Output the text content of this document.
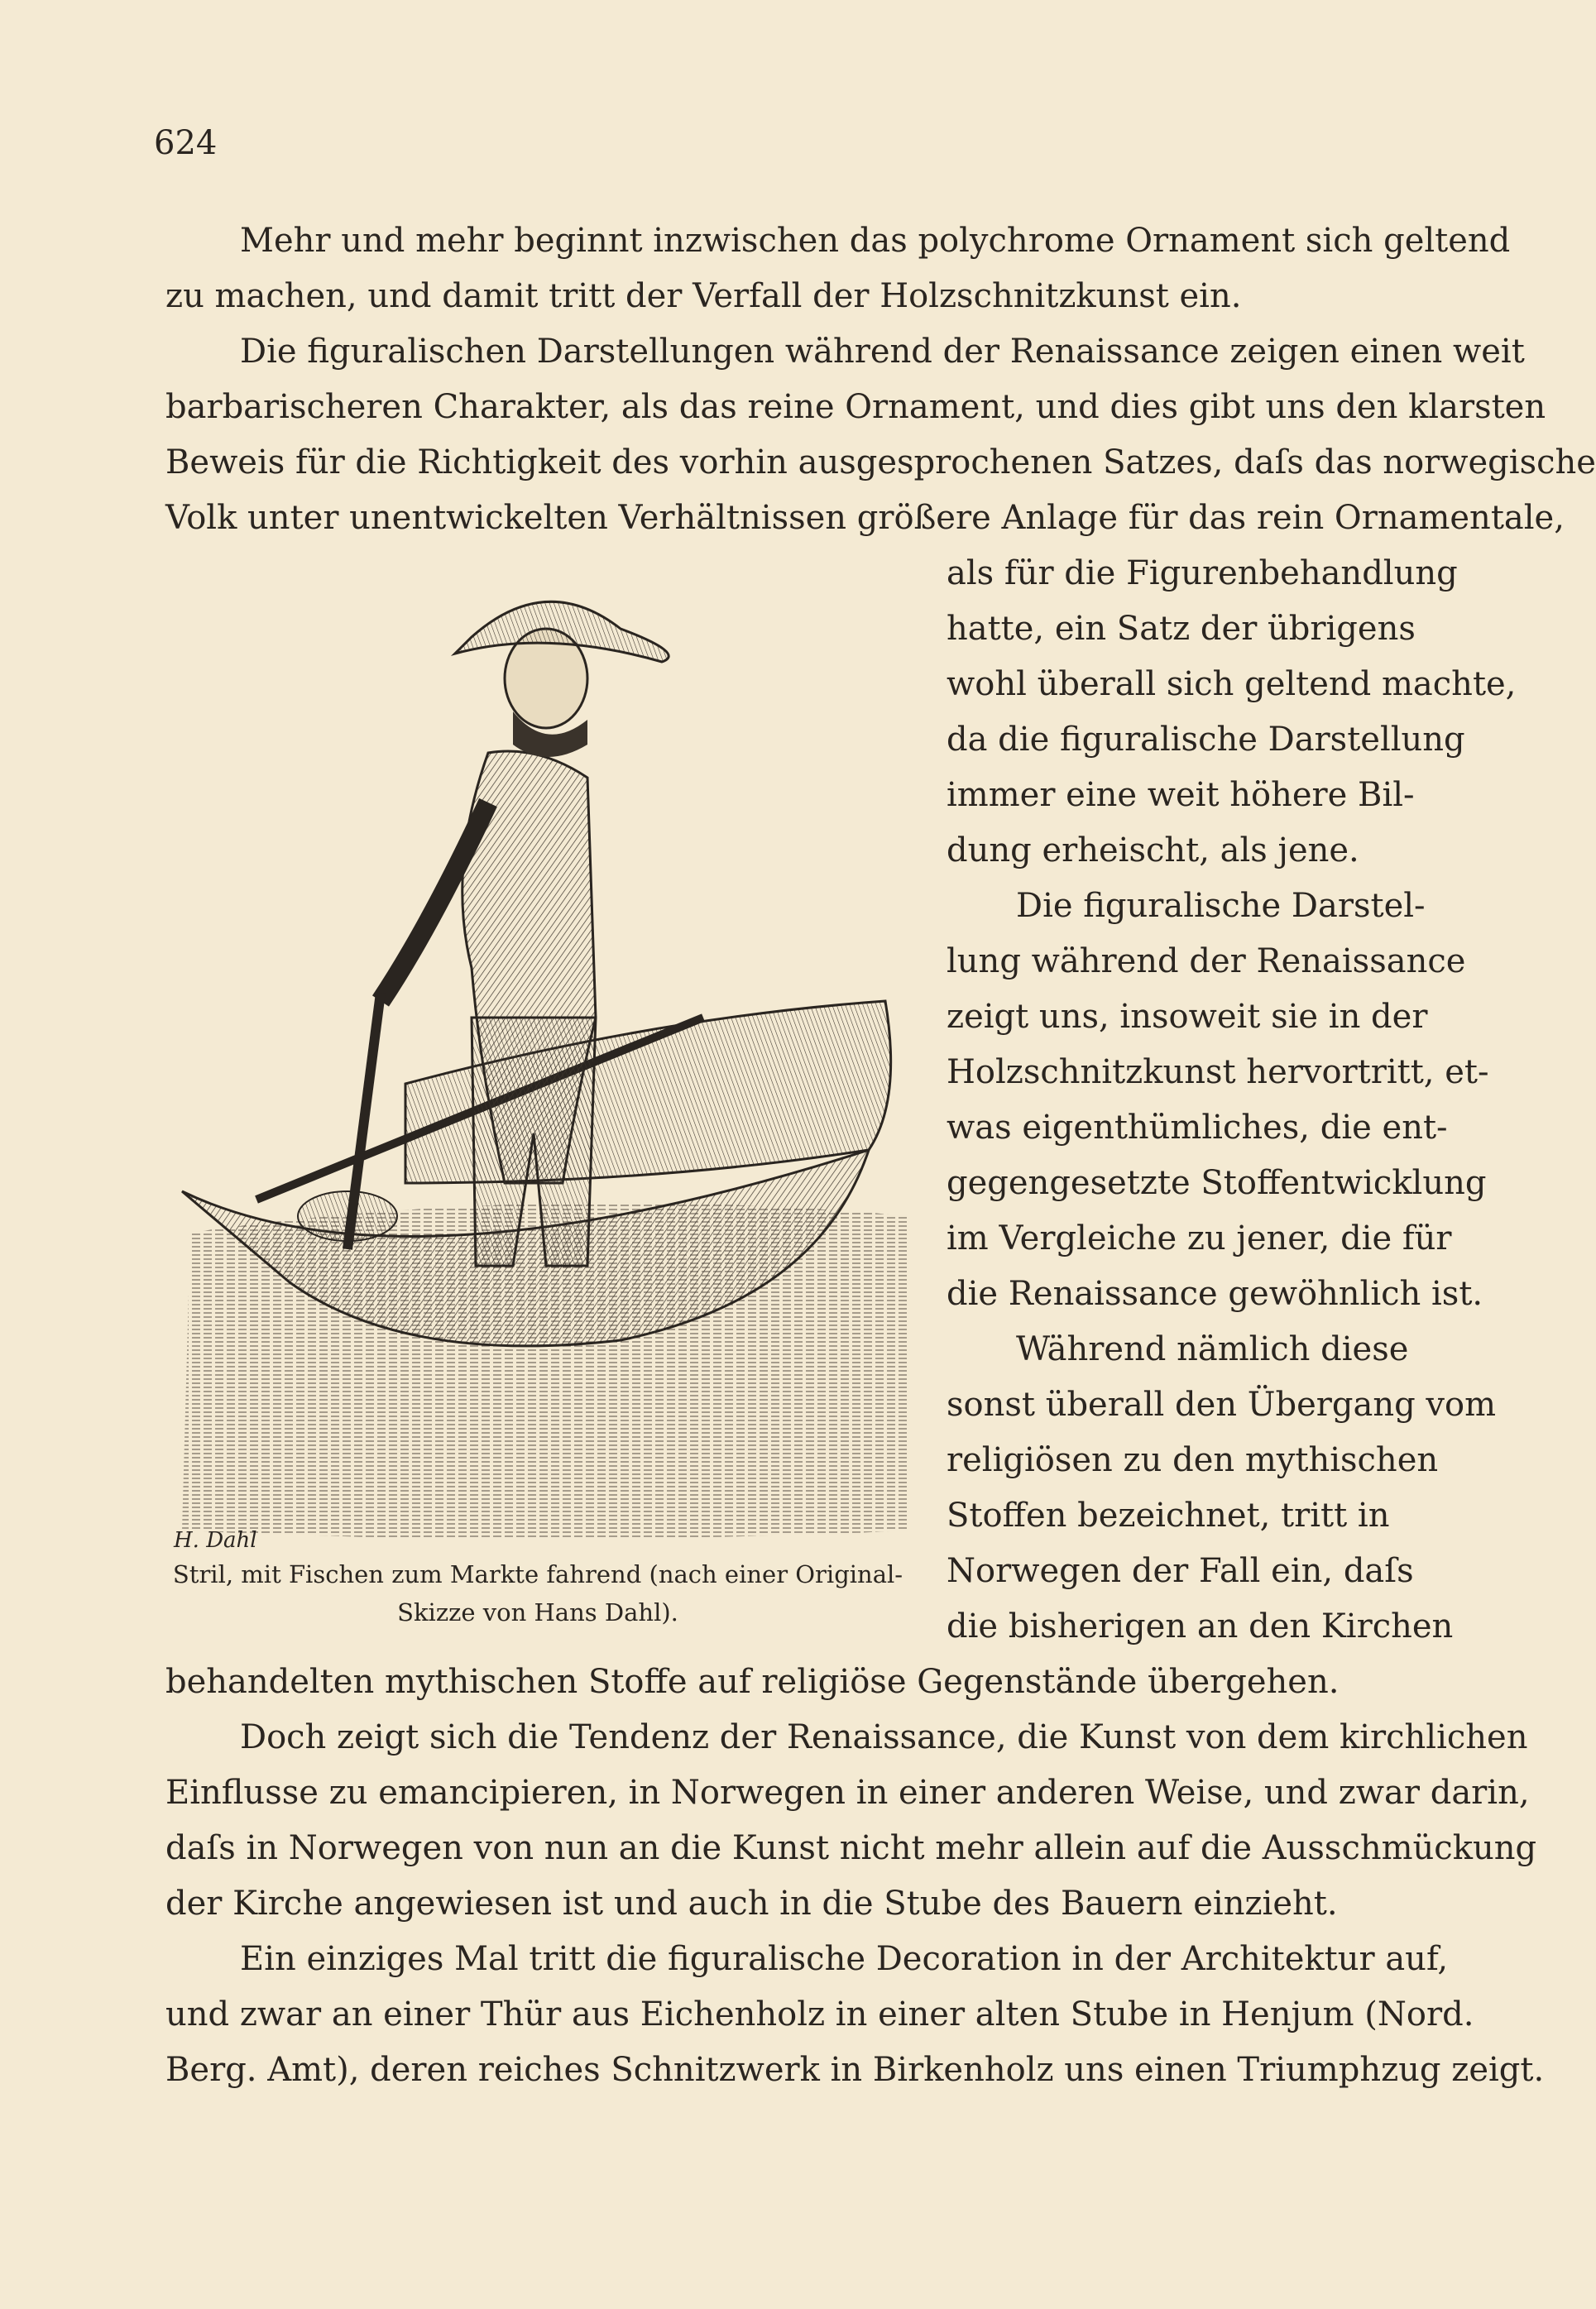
624
Mehr und mehr beginnt inzwischen das polychrome Ornament sich geltend
zu machen, und damit tritt der Verfall der Holzschnitzkunst ein.
Die figuralischen Darstellungen während der Renaissance zeigen einen weit
barbarischeren Charakter, als das reine Ornament, und dies gibt uns den klarsten
Beweis für die Richtigkeit des vorhin ausgesprochenen Satzes, daſs das norwegische
Volk unter unentwickelten Verhältnissen größere Anlage für das rein Ornamentale,
H. Dahl
als für die Figurenbehandlung
hatte, ein Satz der übrigens
wohl überall sich geltend machte,
da die figuralische Darstellung
immer eine weit höhere Bil-
dung erheischt, als jene.
Die figuralische Darstel-
lung während der Renaissance
zeigt uns, insoweit sie in der
Holzschnitzkunst hervortritt, et-
was eigenthümliches, die ent-
gegengesetzte Stoffentwicklung
im Vergleiche zu jener, die für
die Renaissance gewöhnlich ist.
Während nämlich diese
sonst überall den Übergang vom
religiösen zu den mythischen
Stoffen bezeichnet, tritt in
Norwegen der Fall ein, daſs
die bisherigen an den Kirchen
Stril, mit Fischen zum Markte fahrend (nach einer Original-
Skizze von Hans Dahl).
behandelten mythischen Stoffe auf religiöse Gegenstände übergehen.
Doch zeigt sich die Tendenz der Renaissance, die Kunst von dem kirchlichen
Einflusse zu emancipieren, in Norwegen in einer anderen Weise, und zwar darin,
daſs in Norwegen von nun an die Kunst nicht mehr allein auf die Ausschmückung
der Kirche angewiesen ist und auch in die Stube des Bauern einzieht.
Ein einziges Mal tritt die figuralische Decoration in der Architektur auf,
und zwar an einer Thür aus Eichenholz in einer alten Stube in Henjum (Nord.
Berg. Amt), deren reiches Schnitzwerk in Birkenholz uns einen Triumphzug zeigt.
